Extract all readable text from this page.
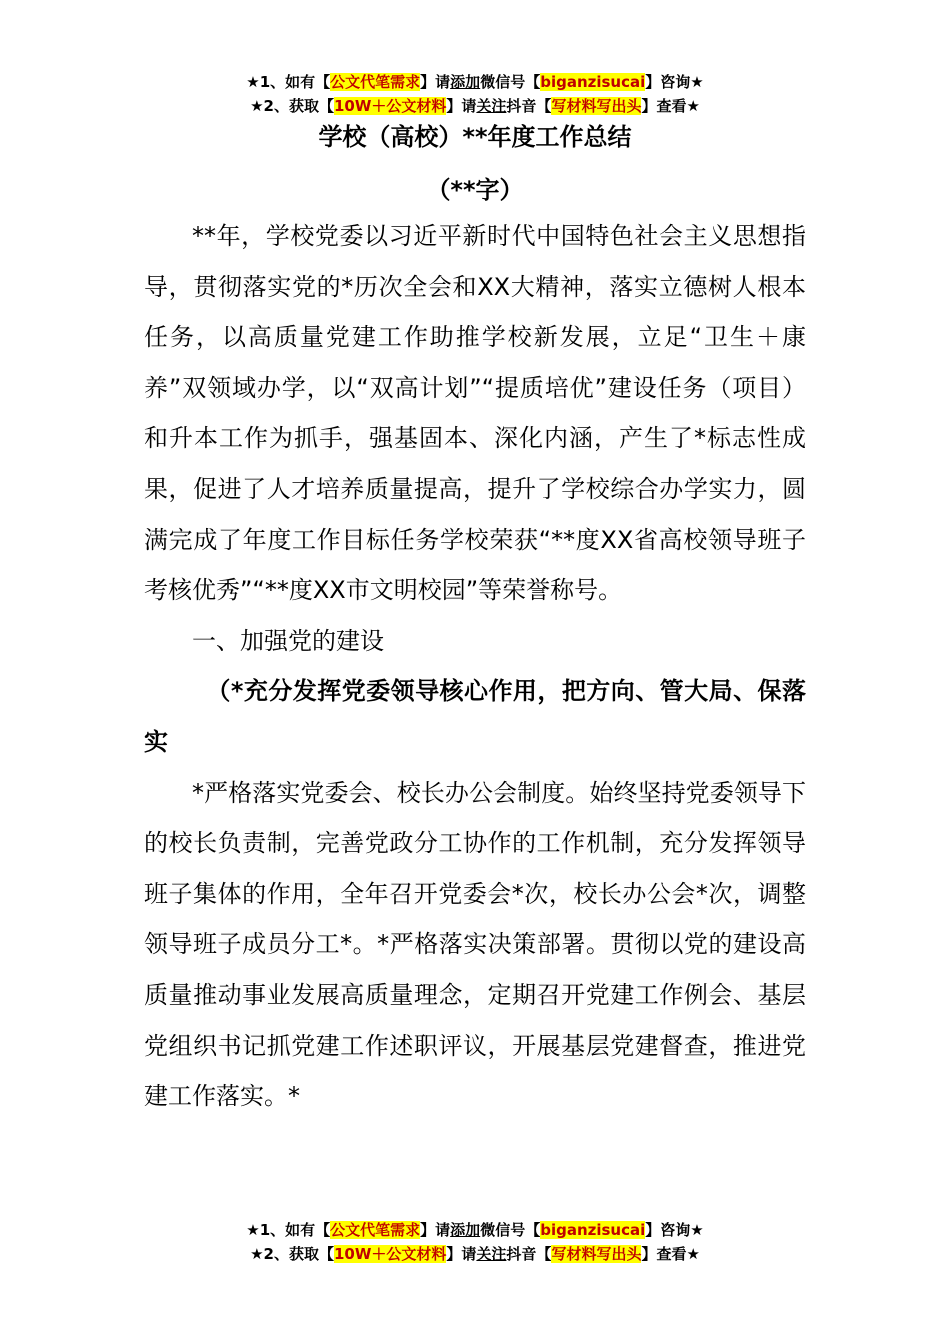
★1、如有【公文代笔需求】请添加微信号【biganzisucai】咨询★
★2、获取【10W＋公文材料】请关注抖音【写材料写出头】查看★
学校（高校）**年度工作总结
（**字）

**年，学校党委以习近平新时代中国特色社会主义思想指导，贯彻落实党的*历次全会和XX大精神，落实立德树人根本任务，以高质量党建工作助推学校新发展，立足“卫生＋康养”双领域办学，以“双高计划”“提质培优”建设任务（项目）和升本工作为抓手，强基固本、深化内涵，产生了*标志性成果，促进了人才培养质量提高，提升了学校综合办学实力，圆满完成了年度工作目标任务学校荣获“**度XX省高校领导班子考核优秀”“**度XX市文明校园”等荣誉称号。

一、加强党的建设

（*充分发挥党委领导核心作用，把方向、管大局、保落实

*严格落实党委会、校长办公会制度。始终坚持党委领导下的校长负责制，完善党政分工协作的工作机制，充分发挥领导班子集体的作用，全年召开党委会*次，校长办公会*次，调整领导班子成员分工*。*严格落实决策部署。贯彻以党的建设高质量推动事业发展高质量理念，定期召开党建工作例会、基层党组织书记抓党建工作述职评议，开展基层党建督查，推进党建工作落实。*

★1、如有【公文代笔需求】请添加微信号【biganzisucai】咨询★
★2、获取【10W＋公文材料】请关注抖音【写材料写出头】查看★
